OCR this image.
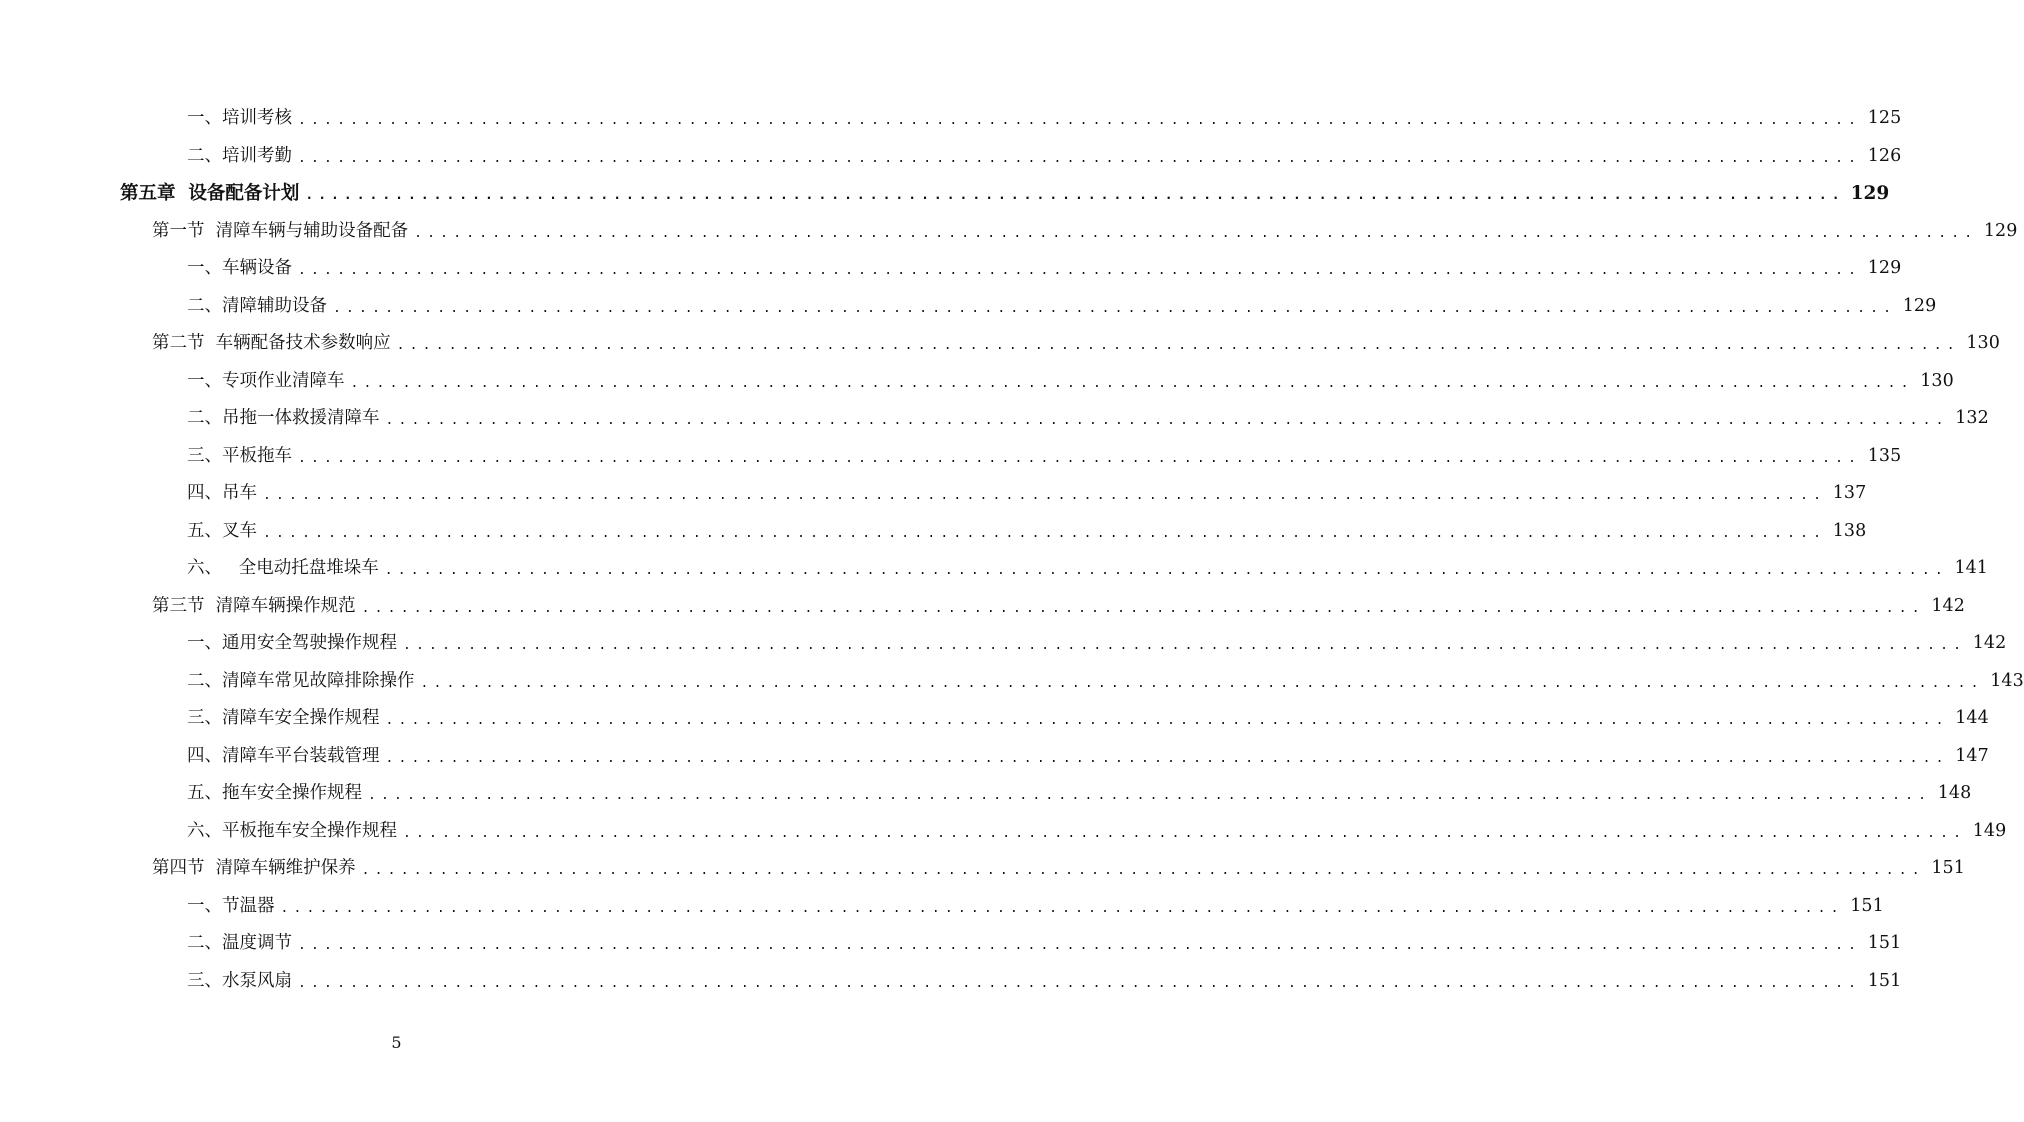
一、培训考核 ........................................................................................................................ 125
二、培训考勤 ........................................................................................................................ 126
第五章  设备配备计划 ........................................................................................................................ 129
第一节  清障车辆与辅助设备配备 ........................................................................................................................ 129
一、车辆设备 ........................................................................................................................ 129
二、清障辅助设备 ........................................................................................................................ 129
第二节  车辆配备技术参数响应 ........................................................................................................................ 130
一、专项作业清障车 ........................................................................................................................ 130
二、吊拖一体救援清障车 ........................................................................................................................ 132
三、平板拖车 ........................................................................................................................ 135
四、吊车 ........................................................................................................................ 137
五、叉车 ........................................................................................................................ 138
六、   全电动托盘堆垛车 ........................................................................................................................ 141
第三节  清障车辆操作规范 ........................................................................................................................ 142
一、通用安全驾驶操作规程 ........................................................................................................................ 142
二、清障车常见故障排除操作 ........................................................................................................................ 143
三、清障车安全操作规程 ........................................................................................................................ 144
四、清障车平台装载管理 ........................................................................................................................ 147
五、拖车安全操作规程 ........................................................................................................................ 148
六、平板拖车安全操作规程 ........................................................................................................................ 149
第四节  清障车辆维护保养 ........................................................................................................................ 151
一、节温器 ........................................................................................................................ 151
二、温度调节 ........................................................................................................................ 151
三、水泵风扇 ........................................................................................................................ 151
5
